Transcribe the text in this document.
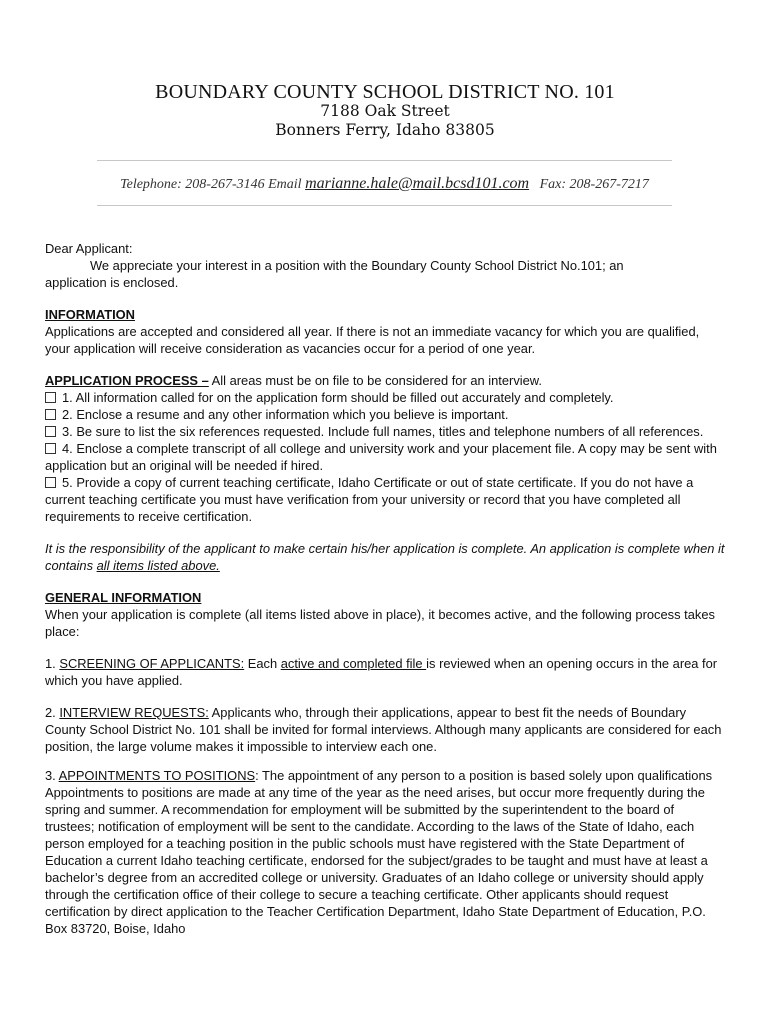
BOUNDARY COUNTY SCHOOL DISTRICT NO. 101
7188 Oak Street
Bonners Ferry, Idaho 83805
Telephone: 208-267-3146 Email marianne.hale@mail.bcsd101.com Fax: 208-267-7217

Dear Applicant:

We appreciate your interest in a position with the Boundary County School District No.101; an

application is enclosed.

INFORMATION

Applications are accepted and considered all year. If there is not an immediate vacancy for which you are qualified, your application will receive consideration as vacancies occur for a period of one year.

APPLICATION PROCESS – All areas must be on file to be considered for an interview.

1. All information called for on the application form should be filled out accurately and completely.

2. Enclose a resume and any other information which you believe is important.

3. Be sure to list the six references requested. Include full names, titles and telephone numbers of all references.

4. Enclose a complete transcript of all college and university work and your placement file. A copy may be sent with application but an original will be needed if hired.

5. Provide a copy of current teaching certificate, Idaho Certificate or out of state certificate. If you do not have a current teaching certificate you must have verification from your university or record that you have completed all requirements to receive certification.

It is the responsibility of the applicant to make certain his/her application is complete. An application is complete when it contains all items listed above.

GENERAL INFORMATION

When your application is complete (all items listed above in place), it becomes active, and the following process takes place:

1. SCREENING OF APPLICANTS: Each active and completed file is reviewed when an opening occurs in the area for which you have applied.

2. INTERVIEW REQUESTS: Applicants who, through their applications, appear to best fit the needs of Boundary County School District No. 101 shall be invited for formal interviews. Although many applicants are considered for each position, the large volume makes it impossible to interview each one.

3. APPOINTMENTS TO POSITIONS: The appointment of any person to a position is based solely upon qualifications Appointments to positions are made at any time of the year as the need arises, but occur more frequently during the spring and summer. A recommendation for employment will be submitted by the superintendent to the board of trustees; notification of employment will be sent to the candidate. According to the laws of the State of Idaho, each person employed for a teaching position in the public schools must have registered with the State Department of Education a current Idaho teaching certificate, endorsed for the subject/grades to be taught and must have at least a bachelor’s degree from an accredited college or university. Graduates of an Idaho college or university should apply through the certification office of their college to secure a teaching certificate. Other applicants should request certification by direct application to the Teacher Certification Department, Idaho State Department of Education, P.O. Box 83720, Boise, Idaho
